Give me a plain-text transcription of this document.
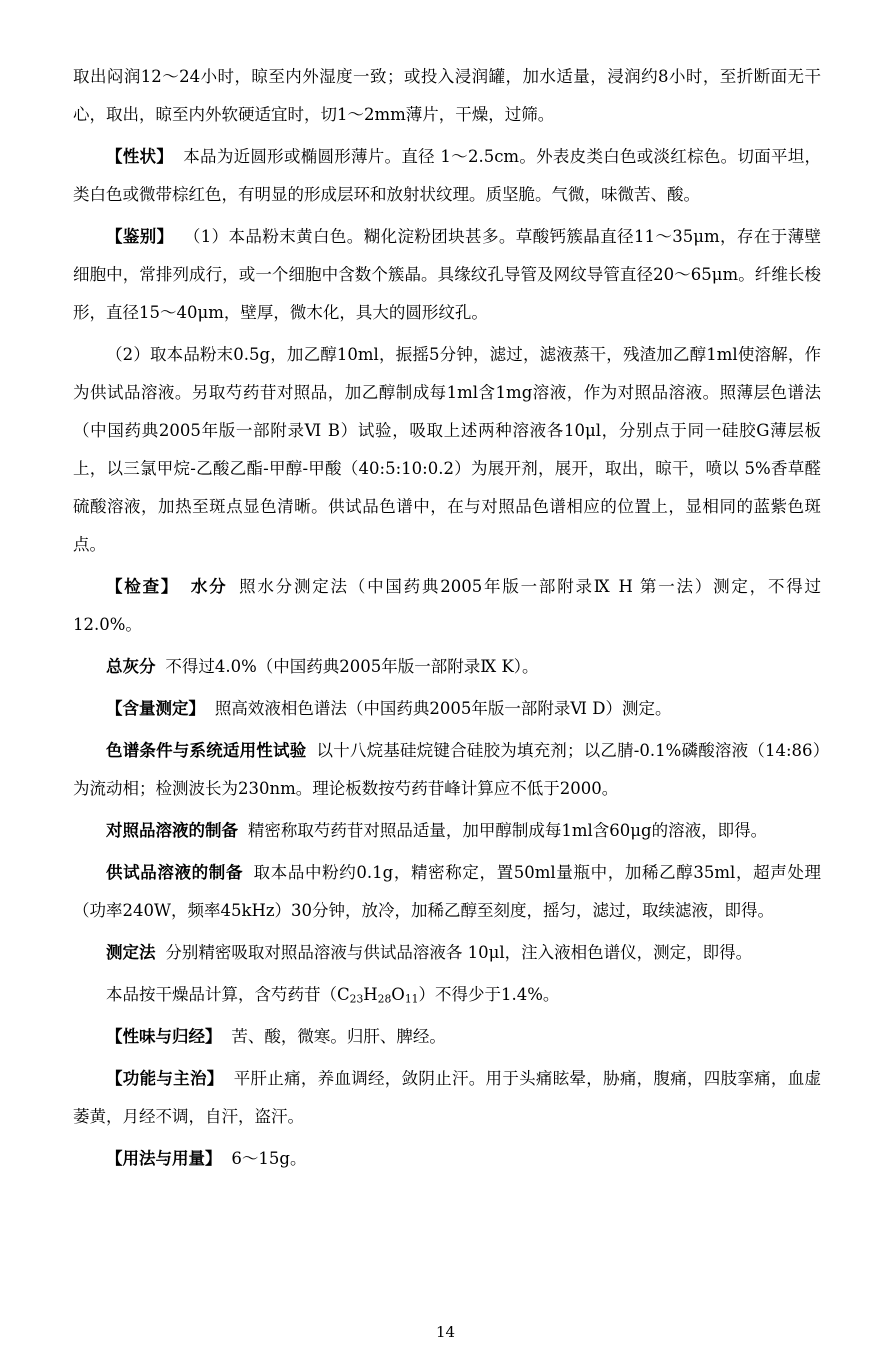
取出闷润12～24小时，晾至内外湿度一致；或投入浸润罐，加水适量，浸润约8小时，至折断面无干心，取出，晾至内外软硬适宜时，切1～2mm薄片，干燥，过筛。

【性状】 本品为近圆形或椭圆形薄片。直径 1～2.5cm。外表皮类白色或淡红棕色。切面平坦，类白色或微带棕红色，有明显的形成层环和放射状纹理。质坚脆。气微，味微苦、酸。

【鉴别】 （1）本品粉末黄白色。糊化淀粉团块甚多。草酸钙簇晶直径11～35μm，存在于薄壁细胞中，常排列成行，或一个细胞中含数个簇晶。具缘纹孔导管及网纹导管直径20～65μm。纤维长梭形，直径15～40μm，壁厚，微木化，具大的圆形纹孔。

（2）取本品粉末0.5g，加乙醇10ml，振摇5分钟，滤过，滤液蒸干，残渣加乙醇1ml使溶解，作为供试品溶液。另取芍药苷对照品，加乙醇制成每1ml含1mg溶液，作为对照品溶液。照薄层色谱法（中国药典2005年版一部附录Ⅵ B）试验，吸取上述两种溶液各10μl，分别点于同一硅胶G薄层板上，以三氯甲烷-乙酸乙酯-甲醇-甲酸（40:5:10:0.2）为展开剂，展开，取出，晾干，喷以 5%香草醛硫酸溶液，加热至斑点显色清晰。供试品色谱中，在与对照品色谱相应的位置上，显相同的蓝紫色斑点。

【检查】 水分 照水分测定法（中国药典2005年版一部附录Ⅸ H 第一法）测定，不得过12.0%。

总灰分 不得过4.0%（中国药典2005年版一部附录Ⅸ K）。

【含量测定】 照高效液相色谱法（中国药典2005年版一部附录Ⅵ D）测定。

色谱条件与系统适用性试验 以十八烷基硅烷键合硅胶为填充剂；以乙腈-0.1%磷酸溶液（14:86）为流动相；检测波长为230nm。理论板数按芍药苷峰计算应不低于2000。

对照品溶液的制备 精密称取芍药苷对照品适量，加甲醇制成每1ml含60μg的溶液，即得。

供试品溶液的制备 取本品中粉约0.1g，精密称定，置50ml量瓶中，加稀乙醇35ml，超声处理（功率240W，频率45kHz）30分钟，放冷，加稀乙醇至刻度，摇匀，滤过，取续滤液，即得。

测定法 分别精密吸取对照品溶液与供试品溶液各 10μl，注入液相色谱仪，测定，即得。

本品按干燥品计算，含芍药苷$(C_{23}H_{28}O_{11})$不得少于1.4%。

【性味与归经】 苦、酸，微寒。归肝、脾经。

【功能与主治】 平肝止痛，养血调经，敛阴止汗。用于头痛眩晕，胁痛，腹痛，四肢挛痛，血虚萎黄，月经不调，自汗，盗汗。

【用法与用量】 6～15g。

14
